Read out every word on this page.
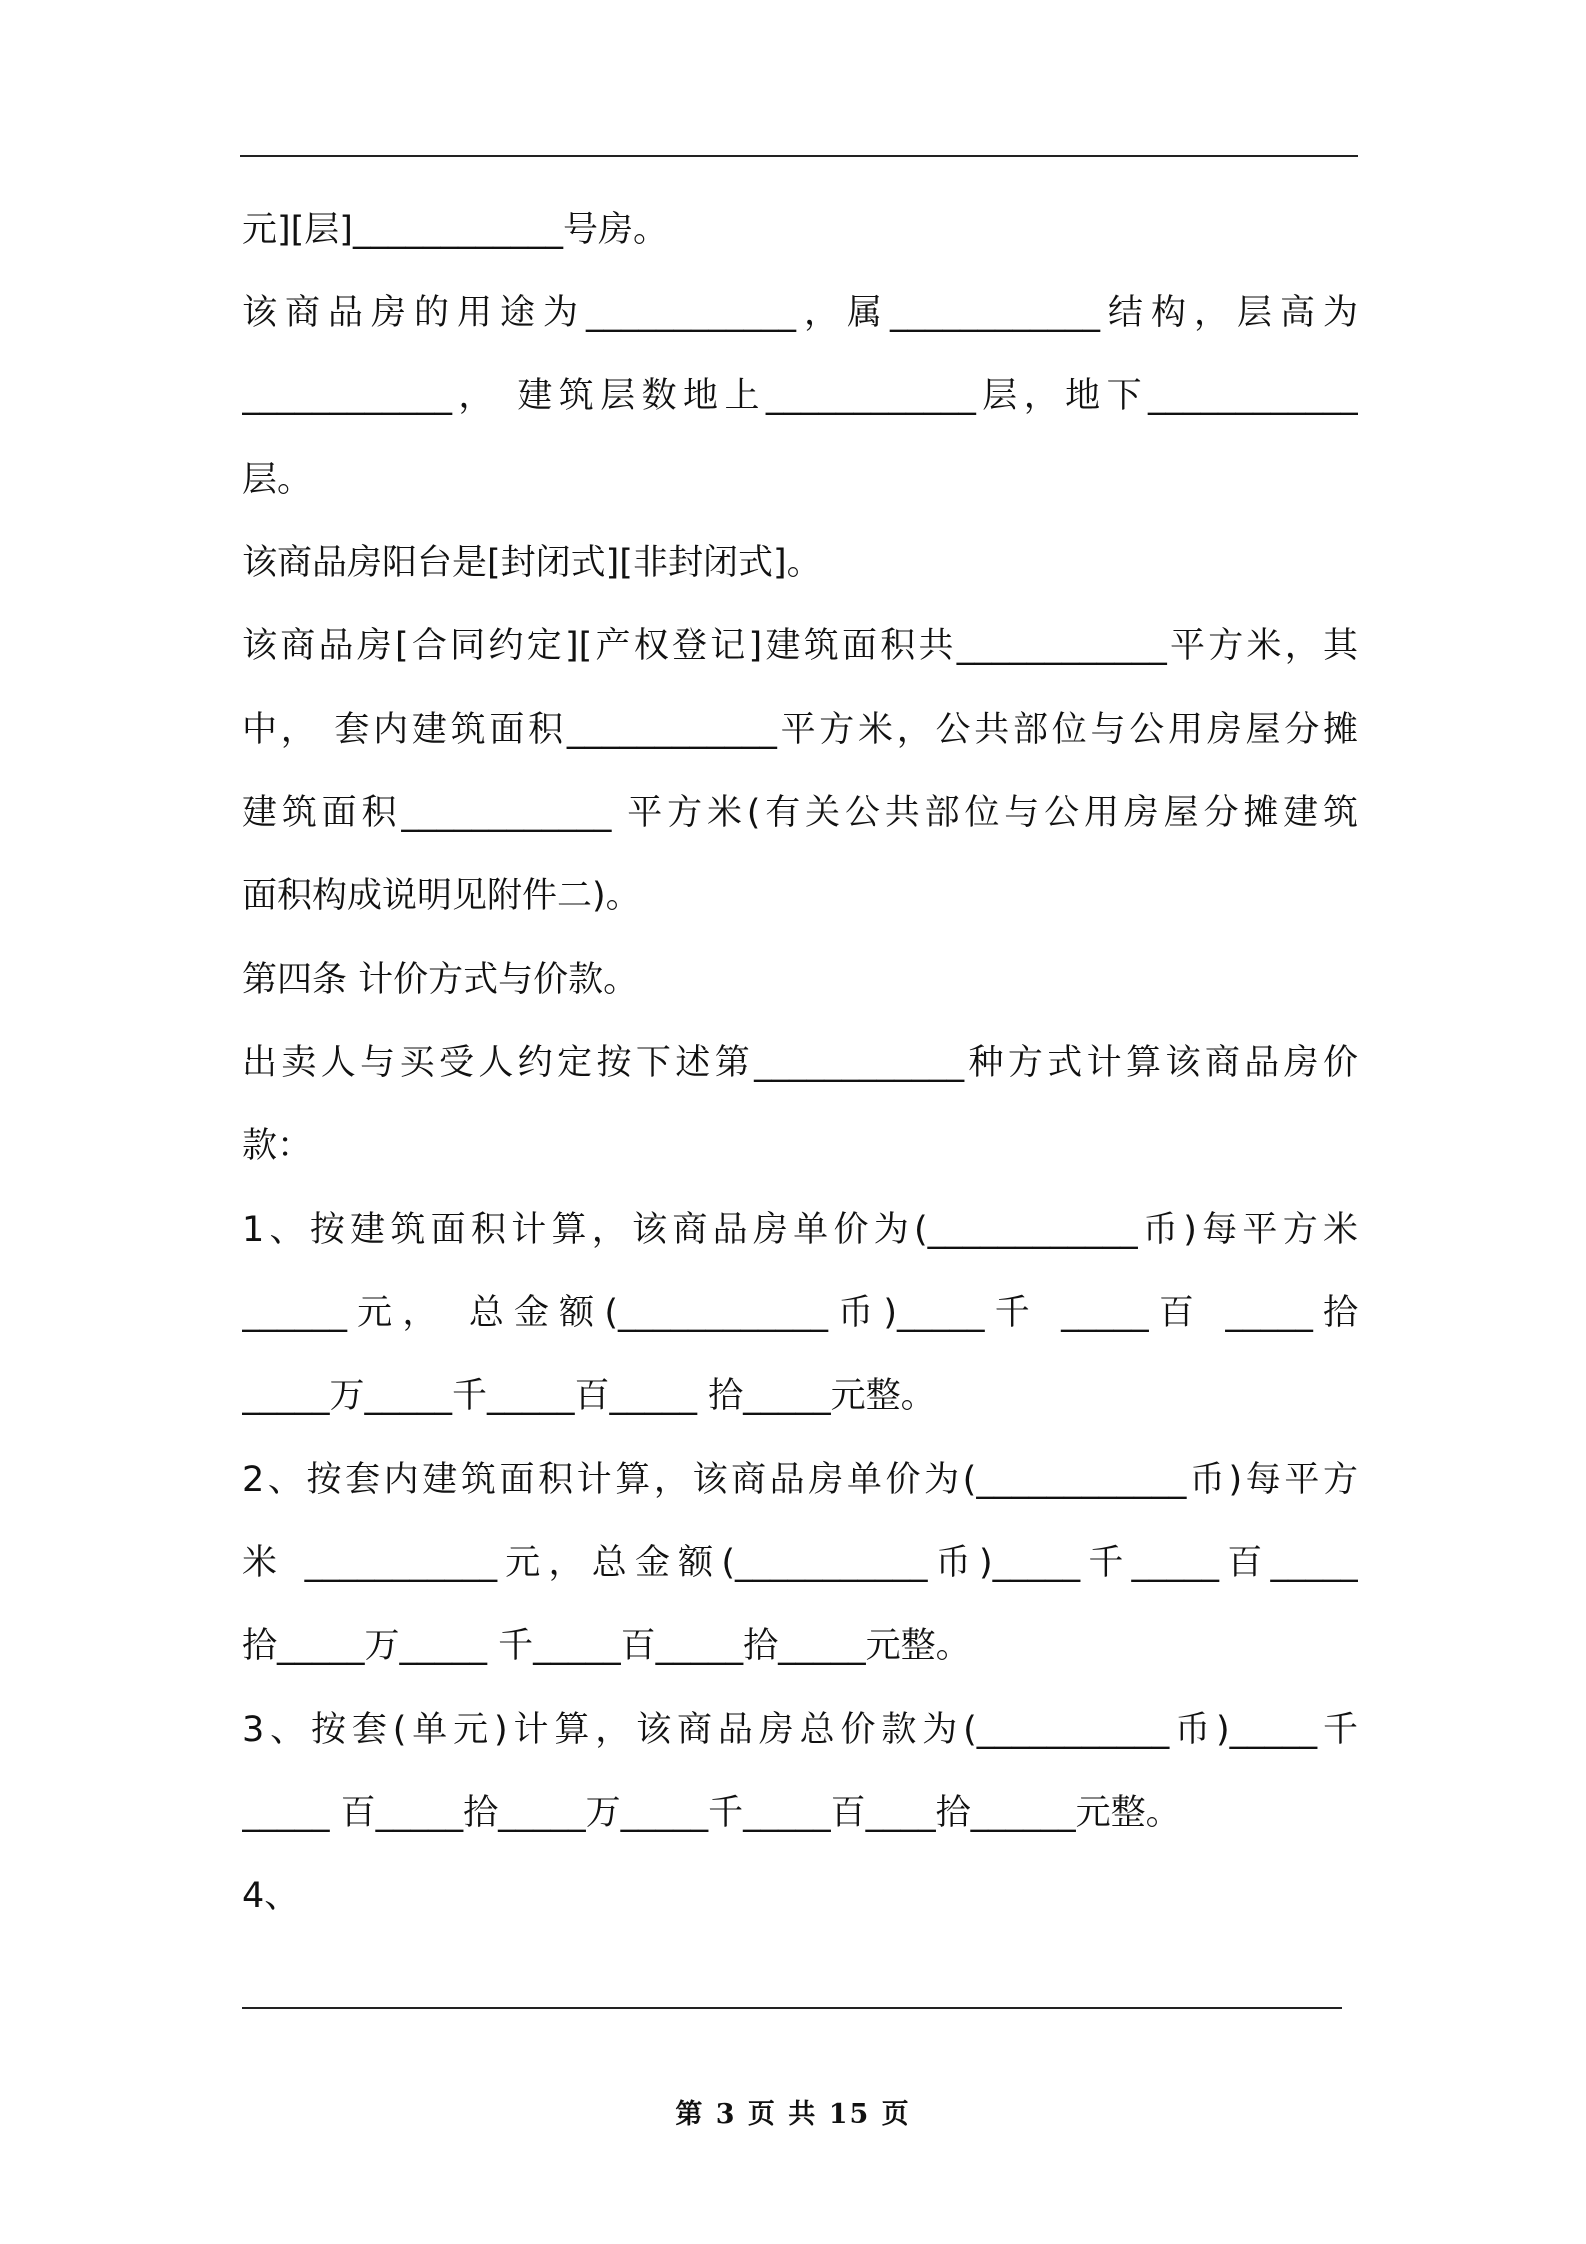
元][层]____________号房。
该商品房的用途为____________，属____________结构，层高为
____________， 建筑层数地上____________层，地下____________
层。
该商品房阳台是[封闭式][非封闭式]。
该商品房[合同约定][产权登记]建筑面积共____________平方米，其
中， 套内建筑面积____________平方米，公共部位与公用房屋分摊
建筑面积____________ 平方米(有关公共部位与公用房屋分摊建筑
面积构成说明见附件二)。
第四条 计价方式与价款。
出卖人与买受人约定按下述第____________种方式计算该商品房价
款：
1、按建筑面积计算，该商品房单价为(____________币)每平方米
______元， 总金额(____________币)_____千 _____百 _____拾
_____万_____千_____百_____ 拾_____元整。
2、按套内建筑面积计算，该商品房单价为(____________币)每平方
米 ___________元，总金额(___________币)_____千_____百_____
拾_____万_____ 千_____百_____拾_____元整。
3、按套(单元)计算，该商品房总价款为(___________币)_____千
_____ 百_____拾_____万_____千_____百____拾______元整。
4、
第 3 页 共 15 页
